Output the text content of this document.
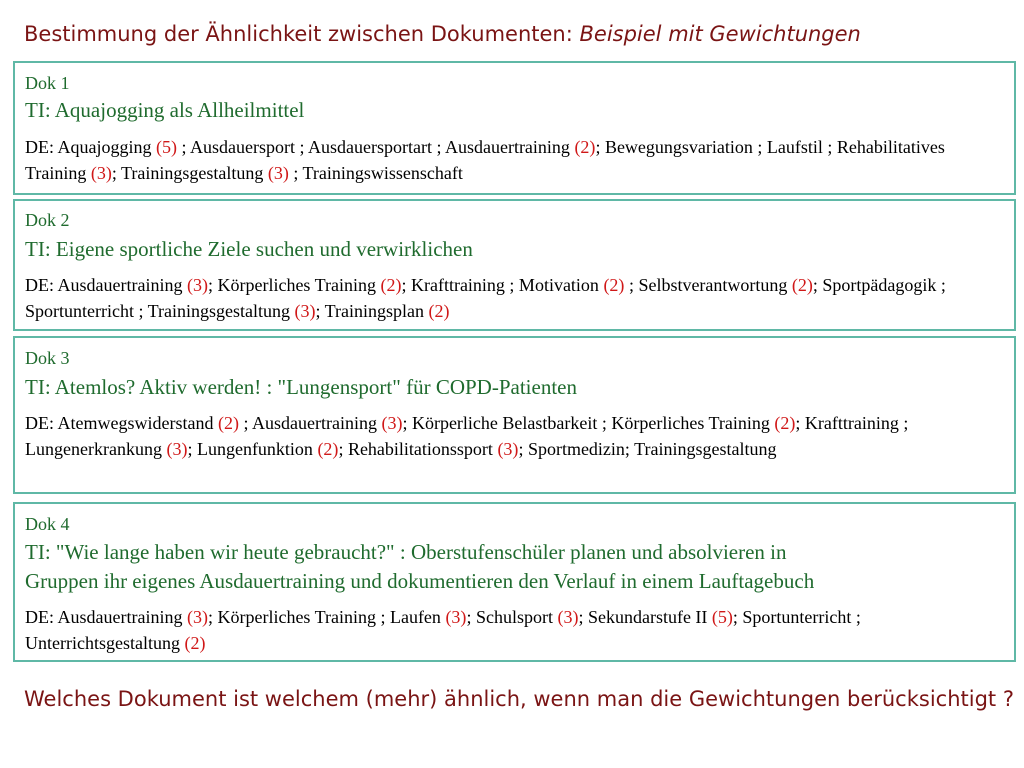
Bestimmung der Ähnlichkeit zwischen Dokumenten: Beispiel mit Gewichtungen
Dok 1
TI: Aquajogging als Allheilmittel
DE: Aquajogging (5) ; Ausdauersport ; Ausdauersportart ; Ausdauertraining (2); Bewegungsvariation ; Laufstil ; Rehabilitatives Training (3); Trainingsgestaltung (3) ; Trainingswissenschaft
Dok 2
TI: Eigene sportliche Ziele suchen und verwirklichen
DE: Ausdauertraining (3); Körperliches Training (2); Krafttraining ; Motivation (2) ; Selbstverantwortung (2); Sportpädagogik ; Sportunterricht ; Trainingsgestaltung (3); Trainingsplan (2)
Dok 3
TI: Atemlos? Aktiv werden! : "Lungensport" für COPD-Patienten
DE: Atemwegswiderstand (2) ; Ausdauertraining (3); Körperliche Belastbarkeit ; Körperliches Training (2); Krafttraining ; Lungenerkrankung (3); Lungenfunktion (2); Rehabilitationssport (3); Sportmedizin; Trainingsgestaltung
Dok 4
TI: "Wie lange haben wir heute gebraucht?" : Oberstufenschüler planen und absolvieren in
Gruppen ihr eigenes Ausdauertraining und dokumentieren den Verlauf in einem Lauftagebuch
DE: Ausdauertraining (3); Körperliches Training ; Laufen (3); Schulsport (3); Sekundarstufe II (5); Sportunterricht ; Unterrichtsgestaltung (2)
Welches Dokument ist welchem (mehr) ähnlich, wenn man die Gewichtungen berücksichtigt ?
